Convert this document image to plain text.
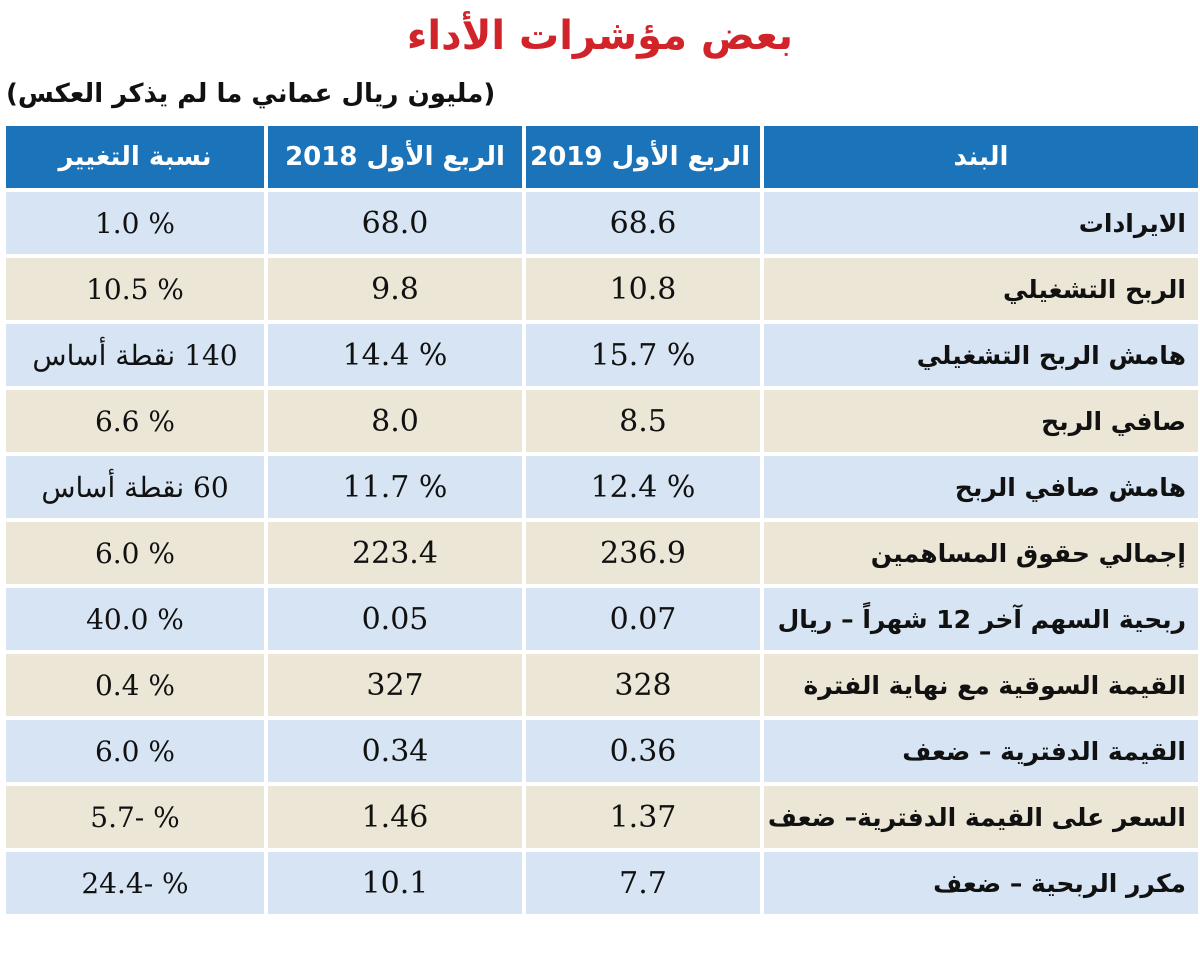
بعض مؤشرات الأداء
(مليون ريال عماني ما لم يذكر العكس)
البند	الربع الأول 2019	الربع الأول 2018	نسبة التغيير
الايرادات	68.6	68.0	% 1.0
الربح التشغيلي	10.8	9.8	% 10.5
هامش الربح التشغيلي	% 15.7	% 14.4	140 نقطة أساس
صافي الربح	8.5	8.0	% 6.6
هامش صافي الربح	% 12.4	% 11.7	60 نقطة أساس
إجمالي حقوق المساهمين	236.9	223.4	% 6.0
ربحية السهم آخر 12 شهراً – ريال	0.07	0.05	% 40.0
القيمة السوقية مع نهاية الفترة	328	327	% 0.4
القيمة الدفترية – ضعف	0.36	0.34	% 6.0
السعر على القيمة الدفترية– ضعف	1.37	1.46	% -5.7
مكرر الربحية – ضعف	7.7	10.1	% -24.4
